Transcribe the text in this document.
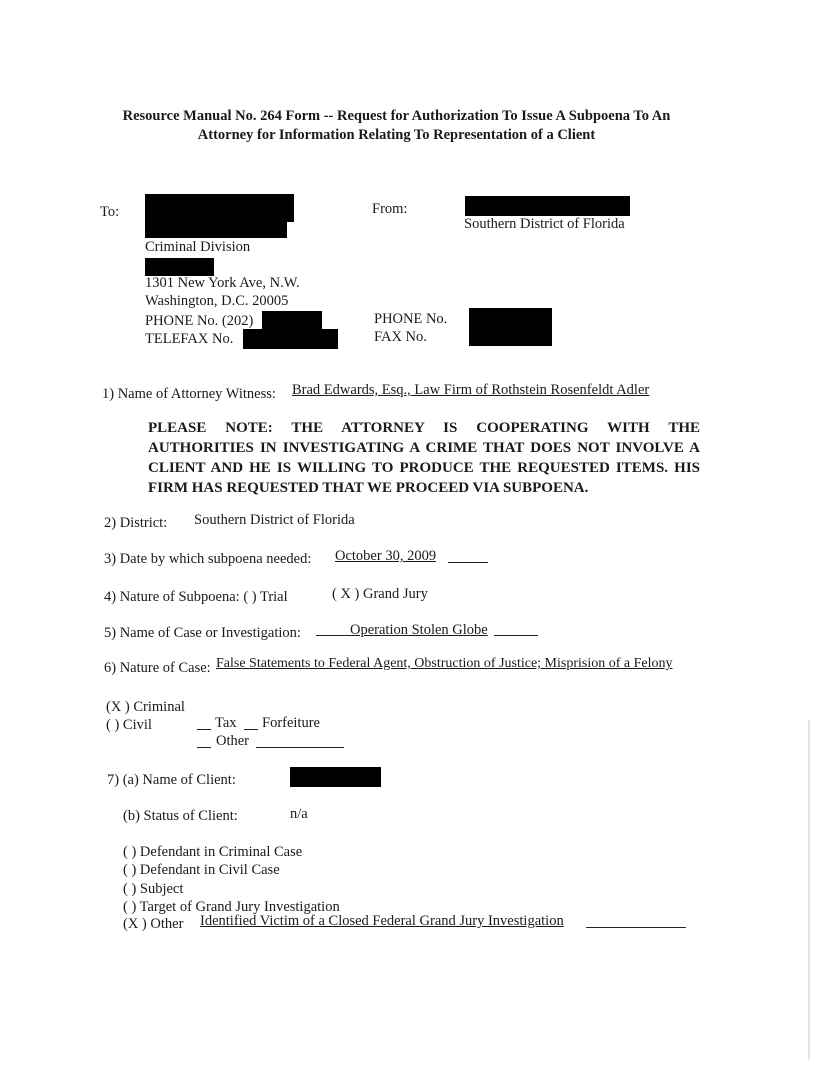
Resource Manual No. 264 Form -- Request for Authorization To Issue A Subpoena To An
Attorney for Information Relating To Representation of a Client
To:
Criminal Division
1301 New York Ave, N.W.
Washington, D.C. 20005
PHONE No. (202)
TELEFAX No.
From:
Southern District of Florida
PHONE No.
FAX No.
1) Name of Attorney Witness: Brad Edwards, Esq., Law Firm of Rothstein Rosenfeldt Adler
PLEASE NOTE: THE ATTORNEY IS COOPERATING WITH THE AUTHORITIES IN INVESTIGATING A CRIME THAT DOES NOT INVOLVE A CLIENT AND HE IS WILLING TO PRODUCE THE REQUESTED ITEMS. HIS FIRM HAS REQUESTED THAT WE PROCEED VIA SUBPOENA.
2) District: Southern District of Florida
3) Date by which subpoena needed: October 30, 2009
4) Nature of Subpoena: ( ) Trial	( X ) Grand Jury
5) Name of Case or Investigation:	Operation Stolen Globe
6) Nature of Case: False Statements to Federal Agent, Obstruction of Justice; Misprision of a Felony
(X ) Criminal
( ) Civil	Tax Forfeiture
Other
7) (a) Name of Client:
(b) Status of Client:	n/a
( ) Defendant in Criminal Case
( ) Defendant in Civil Case
( ) Subject
( ) Target of Grand Jury Investigation
(X ) Other Identified Victim of a Closed Federal Grand Jury Investigation
